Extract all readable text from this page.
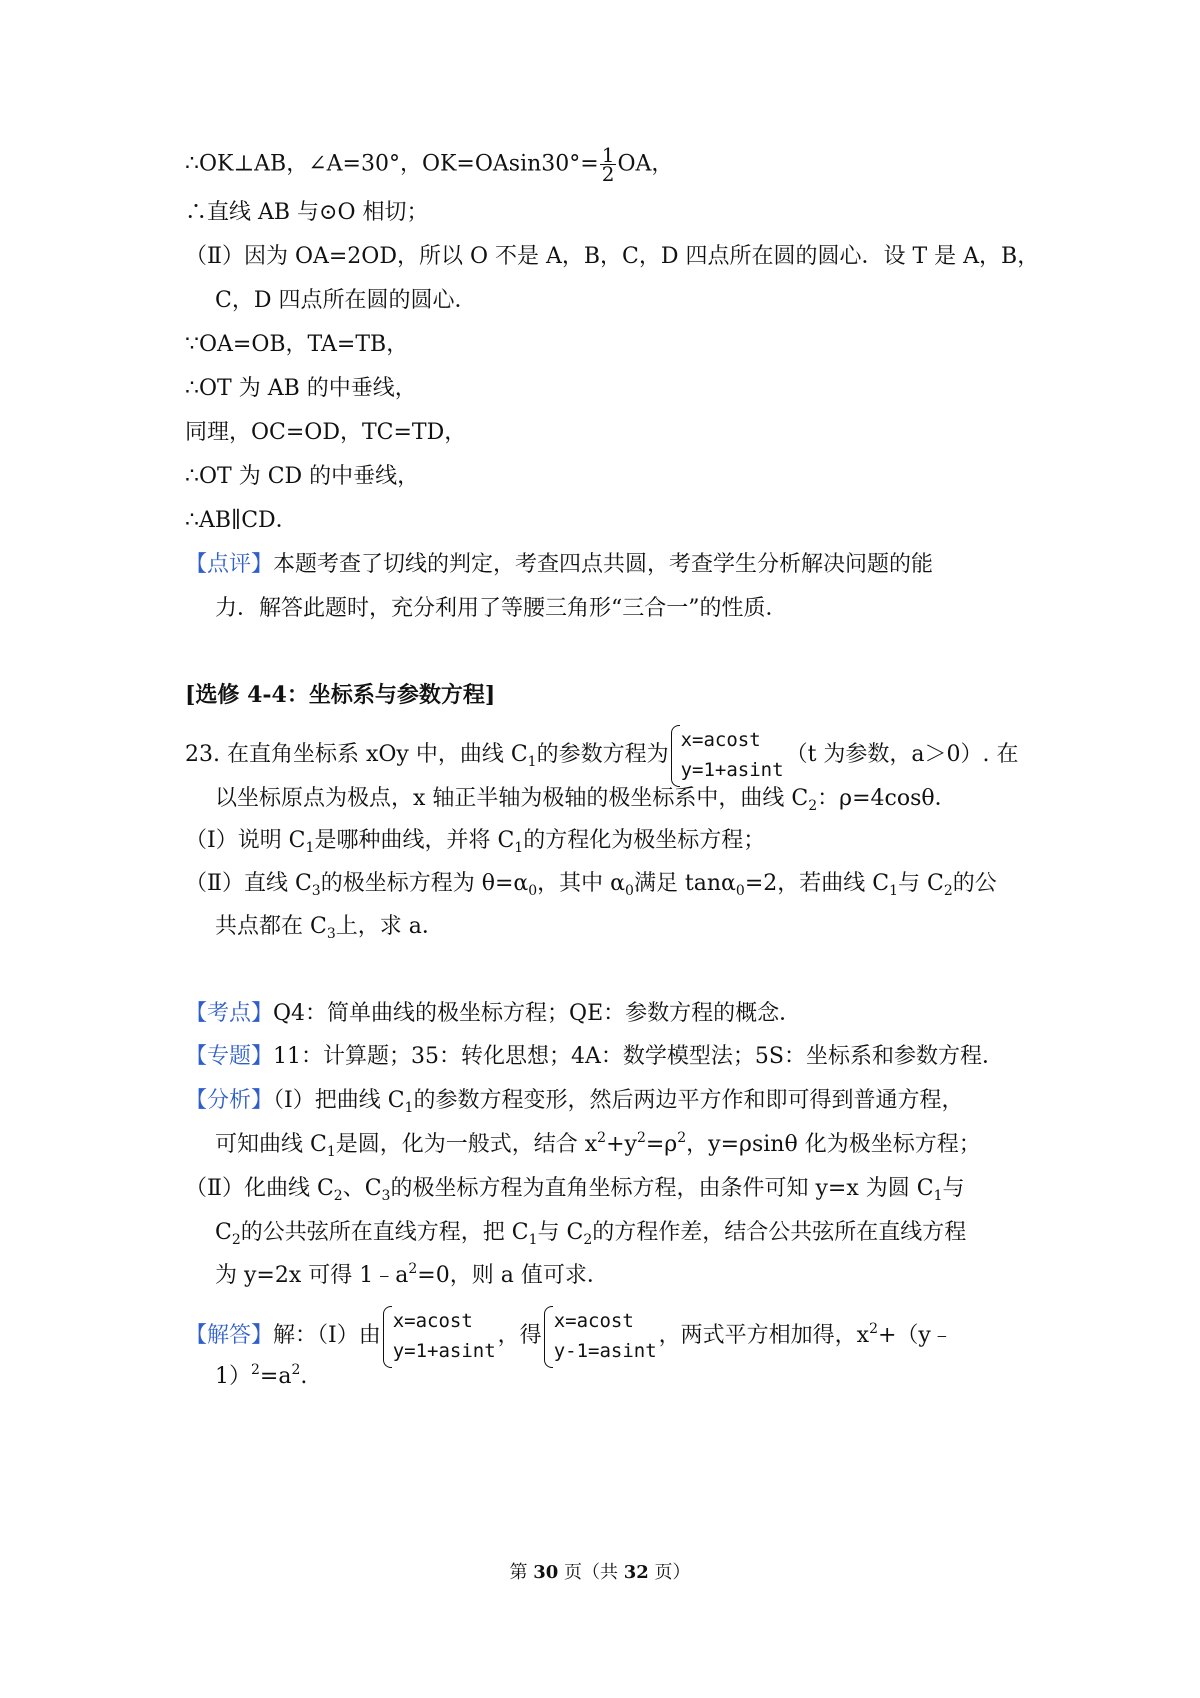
∴OK⊥AB，∠A=30°，$OK=OAsin30^\circ= \frac{1}{2}$ OA，
∴直线 AB 与⊙O 相切；
（Ⅱ）因为 OA=2OD，所以 O 不是 A，B，C，D 四点所在圆的圆心．设 T 是 A，B，
C，D 四点所在圆的圆心．
∵OA=OB，TA=TB，
∴OT 为 AB 的中垂线，
同理，OC=OD，TC=TD，
∴OT 为 CD 的中垂线，
∴AB∥CD．
【点评】本题考查了切线的判定，考查四点共圆，考查学生分析解决问题的能
力．解答此题时，充分利用了等腰三角形“三合一”的性质．
[选修 4-4：坐标系与参数方程]
23. 在直角坐标系 xOy 中，曲线 $C_1$的参数方程为
x=acost
y=1+asint
（t 为参数，a＞0）. 在
以坐标原点为极点，x 轴正半轴为极轴的极坐标系中，曲线 $C_2$：ρ=4cosθ．
（Ⅰ）说明 $C_1$是哪种曲线，并将 $C_1$的方程化为极坐标方程；
（Ⅱ）直线 $C_3$的极坐标方程为 $\theta=\alpha_0$，其中 $\alpha_0$满足 tanα$_0$=2，若曲线 $C_1$与 $C_2$的公
共点都在 $C_3$上，求 a．
【考点】Q4：简单曲线的极坐标方程；QE：参数方程的概念．
【专题】11：计算题；35：转化思想；4A：数学模型法；5S：坐标系和参数方程．
【分析】（Ⅰ）把曲线 $C_1$的参数方程变形，然后两边平方作和即可得到普通方程，
可知曲线 $C_1$是圆，化为一般式，结合 $x^2+y^2=\rho^2$，y=ρsinθ 化为极坐标方程；
（Ⅱ）化曲线 $C_2$、$C_3$的极坐标方程为直角坐标方程，由条件可知 y=x 为圆 $C_1$与
$C_2$的公共弦所在直线方程，把 $C_1$与 $C_2$的方程作差，结合公共弦所在直线方程
为 y=2x 可得 $1﹣a^2=0$，则 a 值可求．
【解答】解：（Ⅰ）由
x=acost
y=1+asint
，得
x=acost
y-1=asint
，两式平方相加得，$x^2+(y﹣$
$1)^2=a^2$.
第 30 页（共 32 页）
